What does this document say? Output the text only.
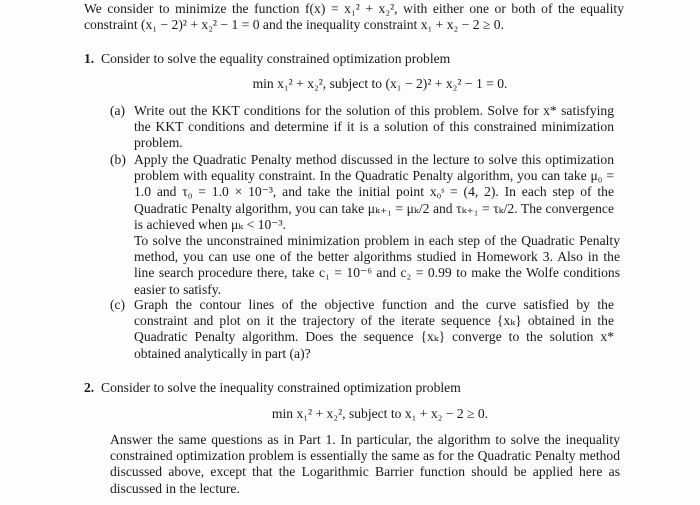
We consider to minimize the function f(x) = x₁² + x₂², with either one or both of the equality constraint (x₁ − 2)² + x₂² − 1 = 0 and the inequality constraint x₁ + x₂ − 2 ≥ 0.
1. Consider to solve the equality constrained optimization problem
min x₁² + x₂², subject to (x₁ − 2)² + x₂² − 1 = 0.
(a) Write out the KKT conditions for the solution of this problem. Solve for x* satisfying the KKT conditions and determine if it is a solution of this constrained minimization problem.
(b) Apply the Quadratic Penalty method discussed in the lecture to solve this optimization problem with equality constraint. In the Quadratic Penalty algorithm, you can take μ₀ = 1.0 and τ₀ = 1.0 × 10⁻³, and take the initial point x₀ˢ = (4, 2). In each step of the Quadratic Penalty algorithm, you can take μₖ₊₁ = μₖ/2 and τₖ₊₁ = τₖ/2. The convergence is achieved when μₖ < 10⁻³.
To solve the unconstrained minimization problem in each step of the Quadratic Penalty method, you can use one of the better algorithms studied in Homework 3. Also in the line search procedure there, take c₁ = 10⁻⁶ and c₂ = 0.99 to make the Wolfe conditions easier to satisfy.
(c) Graph the contour lines of the objective function and the curve satisfied by the constraint and plot on it the trajectory of the iterate sequence {xₖ} obtained in the Quadratic Penalty algorithm. Does the sequence {xₖ} converge to the solution x* obtained analytically in part (a)?
2. Consider to solve the inequality constrained optimization problem
min x₁² + x₂², subject to x₁ + x₂ − 2 ≥ 0.
Answer the same questions as in Part 1. In particular, the algorithm to solve the inequality constrained optimization problem is essentially the same as for the Quadratic Penalty method discussed above, except that the Logarithmic Barrier function should be applied here as discussed in the lecture.
